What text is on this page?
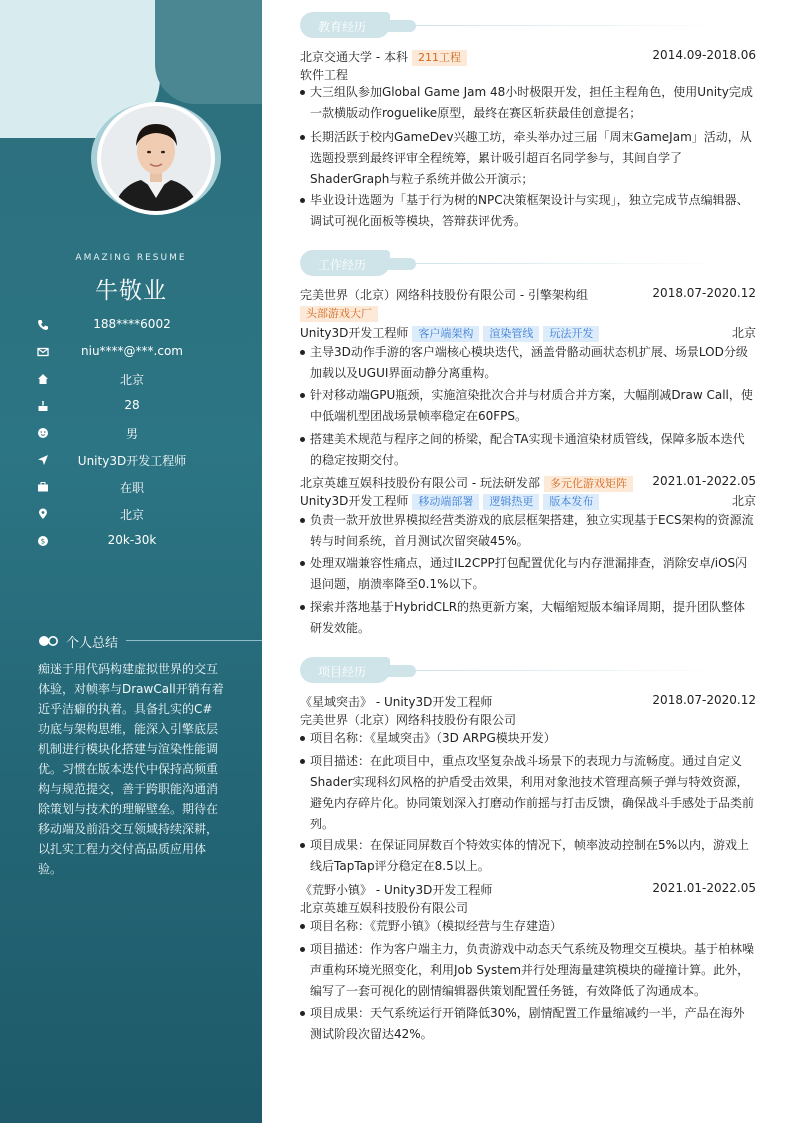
AMAZING RESUME
牛敬业
188****6002
niu****@***.com
北京
28
男
Unity3D开发工程师
在职
北京
$	20k-30k
个人总结
痴迷于用代码构建虚拟世界的交互体验，对帧率与DrawCall开销有着近乎洁癖的执着。具备扎实的C#功底与架构思维，能深入引擎底层机制进行模块化搭建与渲染性能调优。习惯在版本迭代中保持高频重构与规范提交，善于跨职能沟通消除策划与技术的理解壁垒。期待在移动端及前沿交互领域持续深耕，以扎实工程力交付高品质应用体验。
教育经历
北京交通大学 - 本科 211工程	2014.09-2018.06
软件工程
大三组队参加Global Game Jam 48小时极限开发，担任主程角色，使用Unity完成一款横版动作roguelike原型，最终在赛区斩获最佳创意提名；
长期活跃于校内GameDev兴趣工坊，牵头举办过三届「周末GameJam」活动，从选题投票到最终评审全程统筹，累计吸引超百名同学参与，其间自学了ShaderGraph与粒子系统并做公开演示；
毕业设计选题为「基于行为树的NPC决策框架设计与实现」，独立完成节点编辑器、调试可视化面板等模块，答辩获评优秀。
工作经历
完美世界（北京）网络科技股份有限公司 - 引擎架构组	2018.07-2020.12
头部游戏大厂
Unity3D开发工程师 客户端架构 渲染管线 玩法开发	北京
主导3D动作手游的客户端核心模块迭代，涵盖骨骼动画状态机扩展、场景LOD分级加载以及UGUI界面动静分离重构。
针对移动端GPU瓶颈，实施渲染批次合并与材质合并方案，大幅削减Draw Call，使中低端机型团战场景帧率稳定在60FPS。
搭建美术规范与程序之间的桥梁，配合TA实现卡通渲染材质管线，保障多版本迭代的稳定按期交付。
北京英雄互娱科技股份有限公司 - 玩法研发部 多元化游戏矩阵	2021.01-2022.05
Unity3D开发工程师 移动端部署 逻辑热更 版本发布	北京
负责一款开放世界模拟经营类游戏的底层框架搭建，独立实现基于ECS架构的资源流转与时间系统，首月测试次留突破45%。
处理双端兼容性痛点，通过IL2CPP打包配置优化与内存泄漏排查，消除安卓/iOS闪退问题，崩溃率降至0.1%以下。
探索并落地基于HybridCLR的热更新方案，大幅缩短版本编译周期，提升团队整体研发效能。
项目经历
《星域突击》 - Unity3D开发工程师	2018.07-2020.12
完美世界（北京）网络科技股份有限公司
项目名称：《星域突击》（3D ARPG模块开发）
项目描述：在此项目中，重点攻坚复杂战斗场景下的表现力与流畅度。通过自定义Shader实现科幻风格的护盾受击效果，利用对象池技术管理高频子弹与特效资源，避免内存碎片化。协同策划深入打磨动作前摇与打击反馈，确保战斗手感处于品类前列。
项目成果：在保证同屏数百个特效实体的情况下，帧率波动控制在5%以内，游戏上线后TapTap评分稳定在8.5以上。
《荒野小镇》 - Unity3D开发工程师	2021.01-2022.05
北京英雄互娱科技股份有限公司
项目名称：《荒野小镇》（模拟经营与生存建造）
项目描述：作为客户端主力，负责游戏中动态天气系统及物理交互模块。基于柏林噪声重构环境光照变化，利用Job System并行处理海量建筑模块的碰撞计算。此外，编写了一套可视化的剧情编辑器供策划配置任务链，有效降低了沟通成本。
项目成果：天气系统运行开销降低30%，剧情配置工作量缩减约一半，产品在海外测试阶段次留达42%。
